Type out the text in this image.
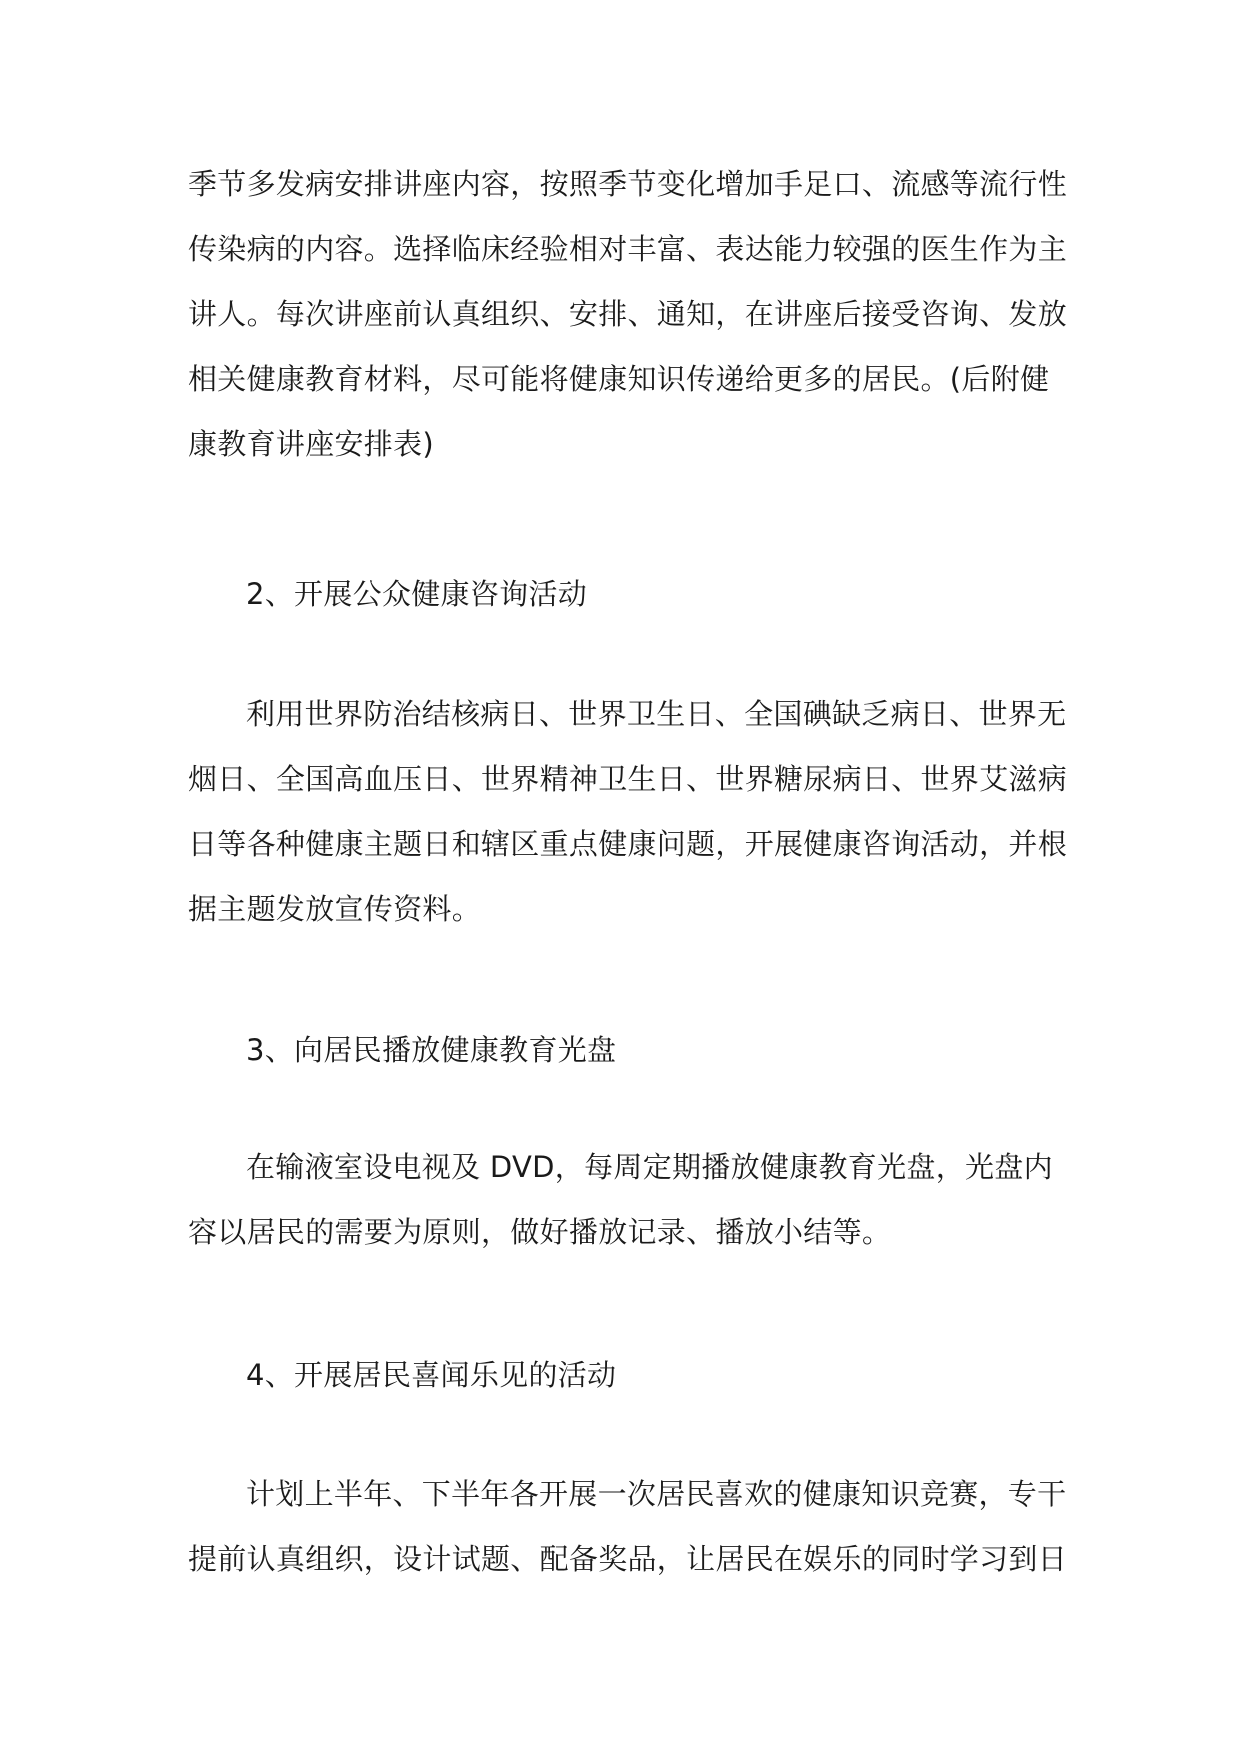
季节多发病安排讲座内容，按照季节变化增加手足口、流感等流行性
传染病的内容。选择临床经验相对丰富、表达能力较强的医生作为主
讲人。每次讲座前认真组织、安排、通知，在讲座后接受咨询、发放
相关健康教育材料，尽可能将健康知识传递给更多的居民。(后附健
康教育讲座安排表)
2、开展公众健康咨询活动
利用世界防治结核病日、世界卫生日、全国碘缺乏病日、世界无
烟日、全国高血压日、世界精神卫生日、世界糖尿病日、世界艾滋病
日等各种健康主题日和辖区重点健康问题，开展健康咨询活动，并根
据主题发放宣传资料。
3、向居民播放健康教育光盘
在输液室设电视及 DVD，每周定期播放健康教育光盘，光盘内
容以居民的需要为原则，做好播放记录、播放小结等。
4、开展居民喜闻乐见的活动
计划上半年、下半年各开展一次居民喜欢的健康知识竞赛，专干
提前认真组织，设计试题、配备奖品，让居民在娱乐的同时学习到日
